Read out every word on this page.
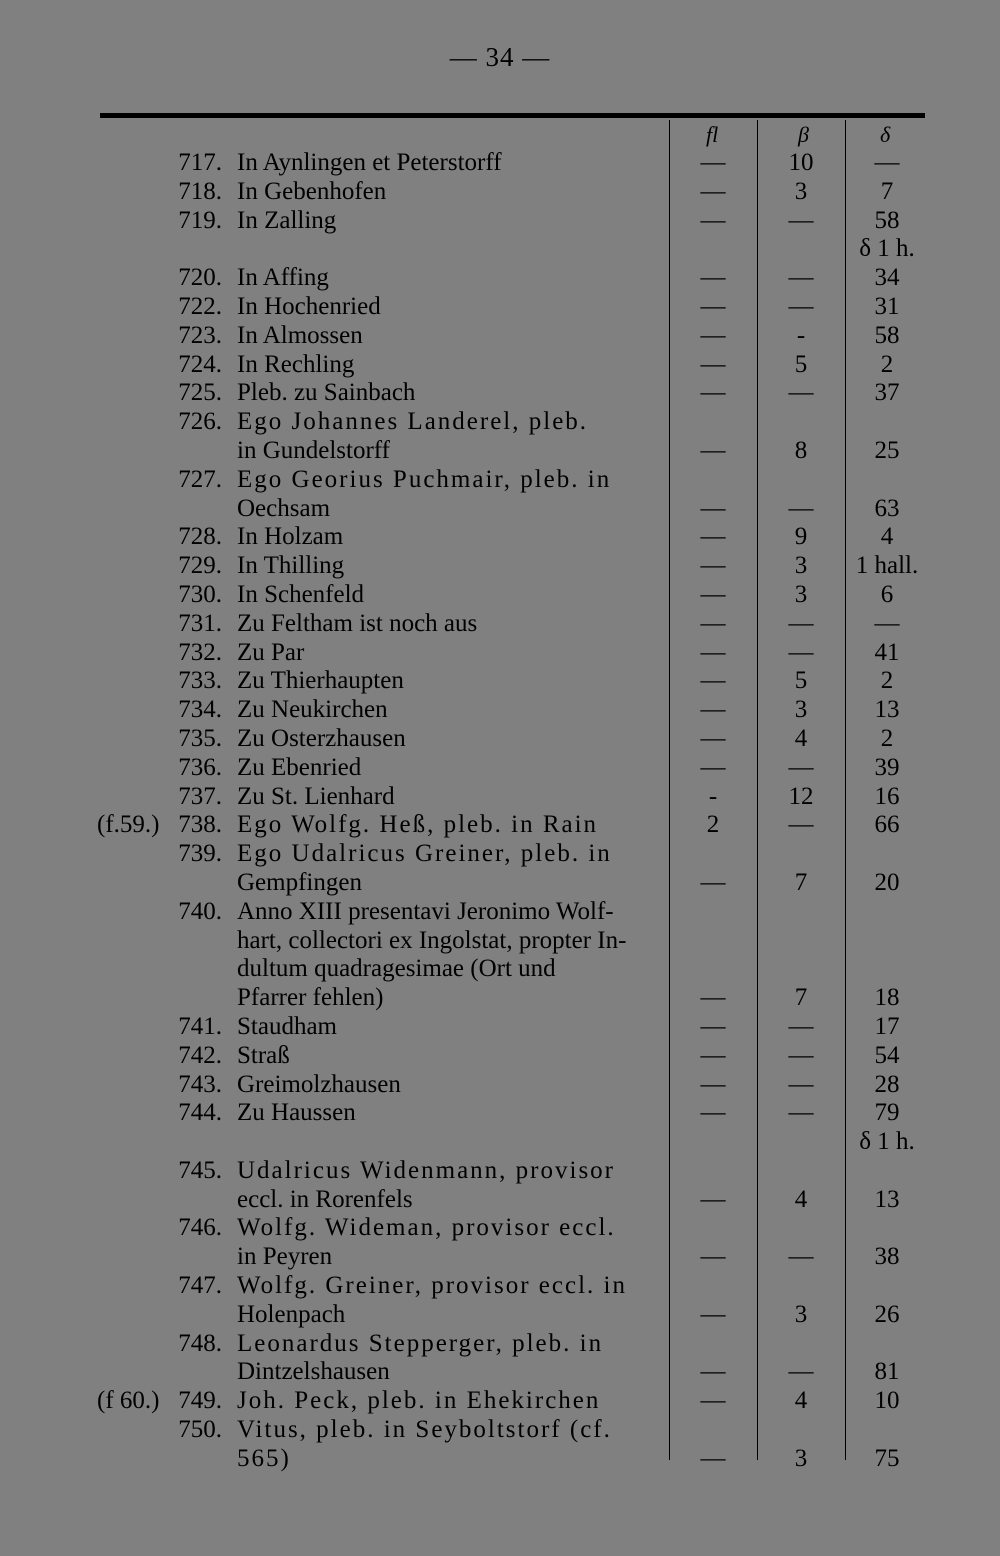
— 34 —
fl	β	δ
717. In Aynlingen et Peterstorff	—	10	—
718. In Gebenhofen	—	3	7
719. In Zalling	—	—	58
δ 1 h.
720. In Affing	—	—	34
722. In Hochenried	—	—	31
723. In Almossen	—	-	58
724. In Rechling	—	5	2
725. Pleb. zu Sainbach	—	—	37
726. Ego Johannes Landerel, pleb.
in Gundelstorff	—	8	25
727. Ego Georius Puchmair, pleb. in
Oechsam	—	—	63
728. In Holzam	—	9	4
729. In Thilling	—	3	1 hall.
730. In Schenfeld	—	3	6
731. Zu Feltham ist noch aus	—	—	—
732. Zu Par	—	—	41
733. Zu Thierhaupten	—	5	2
734. Zu Neukirchen	—	3	13
735. Zu Osterzhausen	—	4	2
736. Zu Ebenried	—	—	39
737. Zu St. Lienhard	-	12	16
(f.59.) 738. Ego Wolfg. Heß, pleb. in Rain	2	—	66
739. Ego Udalricus Greiner, pleb. in
Gempfingen	—	7	20
740. Anno XIII presentavi Jeronimo Wolf-
hart, collectori ex Ingolstat, propter In-
dultum quadragesimae (Ort und
Pfarrer fehlen)	—	7	18
741. Staudham	—	—	17
742. Straß	—	—	54
743. Greimolzhausen	—	—	28
744. Zu Haussen	—	—	79
δ 1 h.
745. Udalricus Widenmann, provisor
eccl. in Rorenfels	—	4	13
746. Wolfg. Wideman, provisor eccl.
in Peyren	—	—	38
747. Wolfg. Greiner, provisor eccl. in
Holenpach	—	3	26
748. Leonardus Stepperger, pleb. in
Dintzelshausen	—	—	81
(f 60.) 749. Joh. Peck, pleb. in Ehekirchen	—	4	10
750. Vitus, pleb. in Seyboltstorf (cf. 565)	—	3	75
